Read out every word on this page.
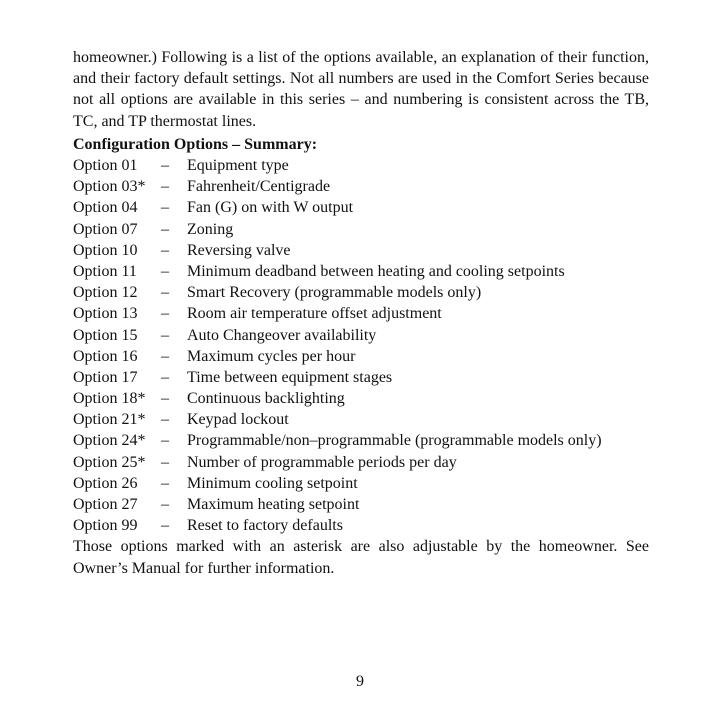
homeowner.) Following is a list of the options available, an explanation of their function, and their factory default settings. Not all numbers are used in the Comfort Series because not all options are available in this series – and numbering is consistent across the TB, TC, and TP thermostat lines.

Configuration Options – Summary:

Option 01	–	Equipment type
Option 03* –	Fahrenheit/Centigrade
Option 04	–	Fan (G) on with W output
Option 07	–	Zoning
Option 10	–	Reversing valve
Option 11	–	Minimum deadband between heating and cooling setpoints
Option 12	–	Smart Recovery (programmable models only)
Option 13	–	Room air temperature offset adjustment
Option 15	–	Auto Changeover availability
Option 16	–	Maximum cycles per hour
Option 17	–	Time between equipment stages
Option 18* –	Continuous backlighting
Option 21* –	Keypad lockout
Option 24* –	Programmable/non–programmable (programmable models only)
Option 25* –	Number of programmable periods per day
Option 26	–	Minimum cooling setpoint
Option 27	–	Maximum heating setpoint
Option 99	–	Reset to factory defaults

Those options marked with an asterisk are also adjustable by the homeowner. See Owner’s Manual for further information.

9
